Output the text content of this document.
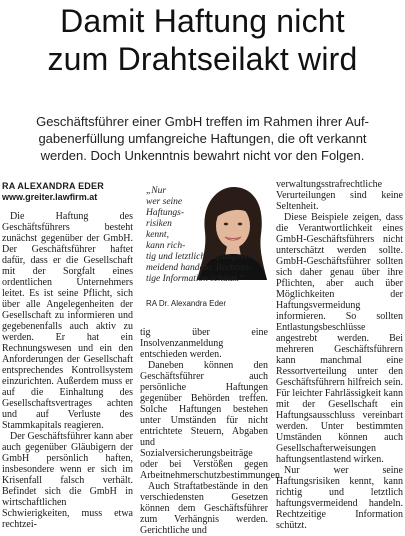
Damit Haftung nicht
zum Drahtseilakt wird

Geschäftsführer einer GmbH treffen im Rahmen ihrer Auf-
gabenerfüllung umfangreiche Haftungen, die oft verkannt
werden. Doch Unkenntnis bewahrt nicht vor den Folgen.

RA ALEXANDRA EDER
www.greiter.lawfirm.at

Die Haftung des Geschäftsführers besteht zunächst gegenüber der GmbH. Der Geschäftsführer haftet dafür, dass er die Gesellschaft mit der Sorgfalt eines ordentlichen Unternehmers leitet. Es ist seine Pflicht, sich über alle Angelegenheiten der Gesellschaft zu informieren und gegebenenfalls auch aktiv zu werden. Er hat ein Rechnungswesen und ein den Anforderungen der Gesellschaft entsprechendes Kontrollsystem einzurichten. Außerdem muss er auf die Einhaltung des Gesellschaftsvertrages achten und auf Verluste des Stammkapitals reagieren.

Der Geschäftsführer kann aber auch gegenüber Gläubigern der GmbH persönlich haften, insbesondere wenn er sich im Krisenfall falsch verhält. Befindet sich die GmbH in wirtschaftlichen Schwierigkeiten, muss etwa rechtzei-

„Nur
wer seine
Haftungs-
risiken
kennt,
kann rich-
tig und letztlich haftungsver-
meidend handeln. Rechtzei-
tige Information schützt.“
RA Dr. Alexandra Eder

tig über eine Insolvenzanmeldung entschieden werden.

Daneben können den Geschäftsführer auch persönliche Haftungen gegenüber Behörden treffen. Solche Haftungen bestehen unter Umständen für nicht entrichtete Steuern, Abgaben und Sozialversicherungsbeiträge oder bei Verstößen gegen Arbeitnehmerschutzbestimmungen.

Auch Straftatbestände in den verschiedensten Gesetzen können dem Geschäftsführer zum Verhängnis werden. Gerichtliche und

verwaltungsstrafrechtliche Verurteilungen sind keine Seltenheit.

Diese Beispiele zeigen, dass die Verantwortlichkeit eines GmbH-Geschäftsführers nicht unterschätzt werden sollte. GmbH-Geschäftsführer sollten sich daher genau über ihre Pflichten, aber auch über Möglichkeiten der Haftungsvermeidung informieren. So sollten Entlastungsbeschlüsse angestrebt werden. Bei mehreren Geschäftsführern kann manchmal eine Ressortverteilung unter den Geschäftsführern hilfreich sein. Für leichter Fahrlässigkeit kann mit der Gesellschaft ein Haftungsausschluss vereinbart werden. Unter bestimmten Umständen können auch Gesellschafterweisungen haftungsentlastend wirken.

Nur wer seine Haftungsrisiken kennt, kann richtig und letztlich haftungsvermeidend handeln. Rechtzeitige Information schützt.
